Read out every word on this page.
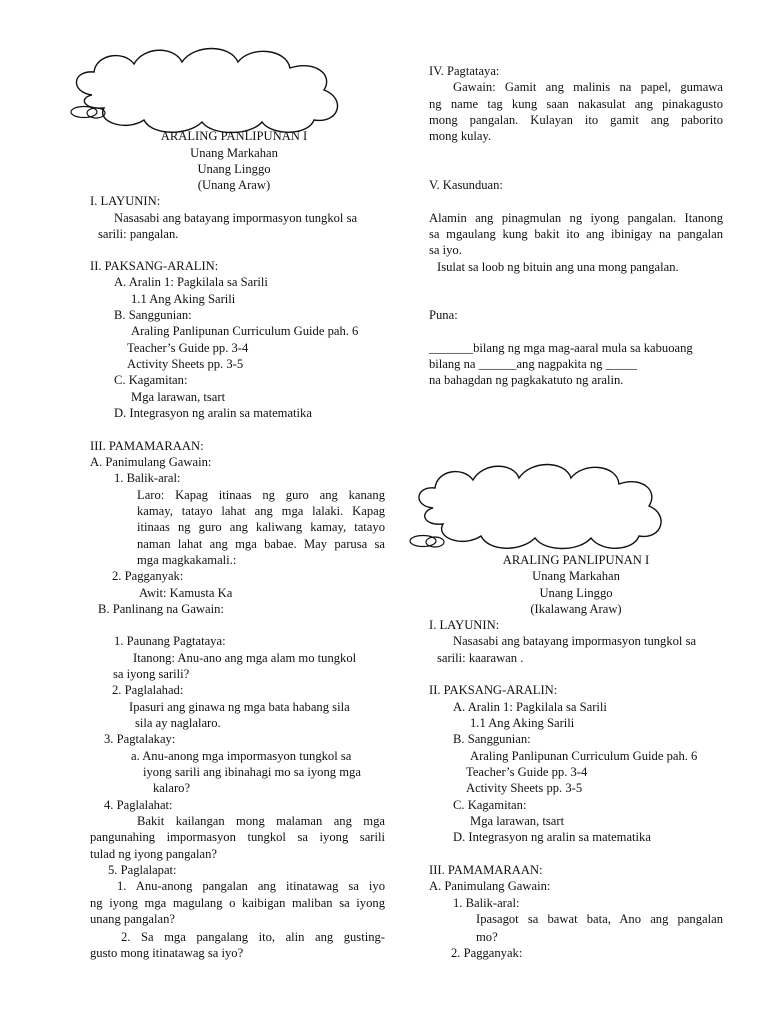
ARALING PANLIPUNAN I
Unang Markahan
Unang Linggo
(Unang Araw)
I. LAYUNIN:
Nasasabi ang batayang impormasyon tungkol sa
sarili: pangalan.
II. PAKSANG-ARALIN:
A. Aralin 1: Pagkilala sa Sarili
1.1 Ang Aking Sarili
B. Sanggunian:
Araling Panlipunan Curriculum Guide pah. 6
Teacher’s Guide pp. 3-4
Activity Sheets pp. 3-5
C. Kagamitan:
Mga larawan, tsart
D. Integrasyon ng aralin sa matematika
III. PAMAMARAAN:
A. Panimulang Gawain:
1. Balik-aral:
Laro: Kapag itinaas ng guro ang kanang
kamay, tatayo lahat ang mga lalaki. Kapag
itinaas ng guro ang kaliwang kamay, tatayo
naman lahat ang mga babae. May parusa sa
mga magkakamali.:
2. Pagganyak:
Awit: Kamusta Ka
B. Panlinang na Gawain:
1. Paunang Pagtataya:
Itanong: Anu-ano ang mga alam mo tungkol
sa iyong sarili?
2. Paglalahad:
Ipasuri ang ginawa ng mga bata habang sila
sila ay naglalaro.
3. Pagtalakay:
a. Anu-anong mga impormasyon tungkol sa
iyong sarili ang ibinahagi mo sa iyong mga
kalaro?
4. Paglalahat:
Bakit kailangan mong malaman ang mga
pangunahing impormasyon tungkol sa iyong sarili
tulad ng iyong pangalan?
5. Paglalapat:
1. Anu-anong pangalan ang itinatawag sa iyo
ng iyong mga magulang o kaibigan maliban sa iyong
unang pangalan?
2. Sa mga pangalang ito, alin ang gusting-
gusto mong itinatawag sa iyo?
IV. Pagtataya:
Gawain: Gamit ang malinis na papel, gumawa
ng name tag kung saan nakasulat ang pinakagusto
mong pangalan. Kulayan ito gamit ang paborito
mong kulay.
V. Kasunduan:
Alamin ang pinagmulan ng iyong pangalan. Itanong
sa mgaulang kung bakit ito ang ibinigay na pangalan
sa iyo.
Isulat sa loob ng bituin ang una mong pangalan.
Puna:
_______bilang ng mga mag-aaral mula sa kabuoang
bilang na ______ang nagpakita ng _____
na bahagdan ng pagkakatuto ng aralin.
ARALING PANLIPUNAN I
Unang Markahan
Unang Linggo
(Ikalawang Araw)
I. LAYUNIN:
Nasasabi ang batayang impormasyon tungkol sa
sarili: kaarawan .
II. PAKSANG-ARALIN:
A. Aralin 1: Pagkilala sa Sarili
1.1 Ang Aking Sarili
B. Sanggunian:
Araling Panlipunan Curriculum Guide pah. 6
Teacher’s Guide pp. 3-4
Activity Sheets pp. 3-5
C. Kagamitan:
Mga larawan, tsart
D. Integrasyon ng aralin sa matematika
III. PAMAMARAAN:
A. Panimulang Gawain:
1. Balik-aral:
Ipasagot sa bawat bata, Ano ang pangalan
mo?
2. Pagganyak:
